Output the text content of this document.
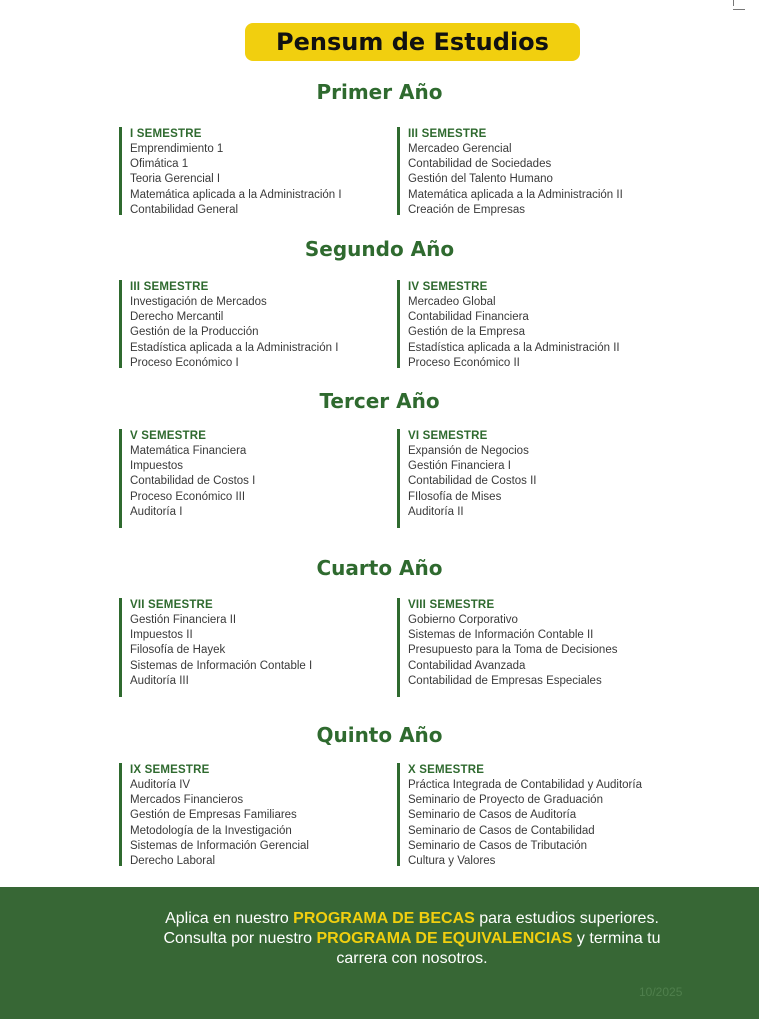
Pensum de Estudios
Primer Año
I SEMESTRE
Emprendimiento 1
Ofimática 1
Teoria Gerencial I
Matemática aplicada a la Administración I
Contabilidad General
III SEMESTRE
Mercadeo Gerencial
Contabilidad de Sociedades
Gestión del Talento Humano
Matemática aplicada a la Administración II
Creación de Empresas
Segundo Año
III SEMESTRE
Investigación de Mercados
Derecho Mercantil
Gestión de la Producción
Estadística aplicada a la Administración I
Proceso Económico I
IV SEMESTRE
Mercadeo Global
Contabilidad Financiera
Gestión de la Empresa
Estadística aplicada a la Administración II
Proceso Económico II
Tercer Año
V SEMESTRE
Matemática Financiera
Impuestos
Contabilidad de Costos I
Proceso Económico III
Auditoría I
VI SEMESTRE
Expansión de Negocios
Gestión Financiera I
Contabilidad de Costos II
FIlosofía de Mises
Auditoría II
Cuarto Año
VII SEMESTRE
Gestión Financiera II
Impuestos II
Filosofía de Hayek
Sistemas de Información Contable I
Auditoría III
VIII SEMESTRE
Gobierno Corporativo
Sistemas de Información Contable II
Presupuesto para la Toma de Decisiones
Contabilidad Avanzada
Contabilidad de Empresas Especiales
Quinto Año
IX SEMESTRE
Auditoría IV
Mercados Financieros
Gestión de Empresas Familiares
Metodología de la Investigación
Sistemas de Información Gerencial
Derecho Laboral
X SEMESTRE
Práctica Integrada de Contabilidad y Auditoría
Seminario de Proyecto de Graduación
Seminario de Casos de Auditoría
Seminario de Casos de Contabilidad
Seminario de Casos de Tributación
Cultura y Valores
Aplica en nuestro PROGRAMA DE BECAS para estudios superiores.
Consulta por nuestro PROGRAMA DE EQUIVALENCIAS y termina tu
carrera con nosotros.
10/2025
